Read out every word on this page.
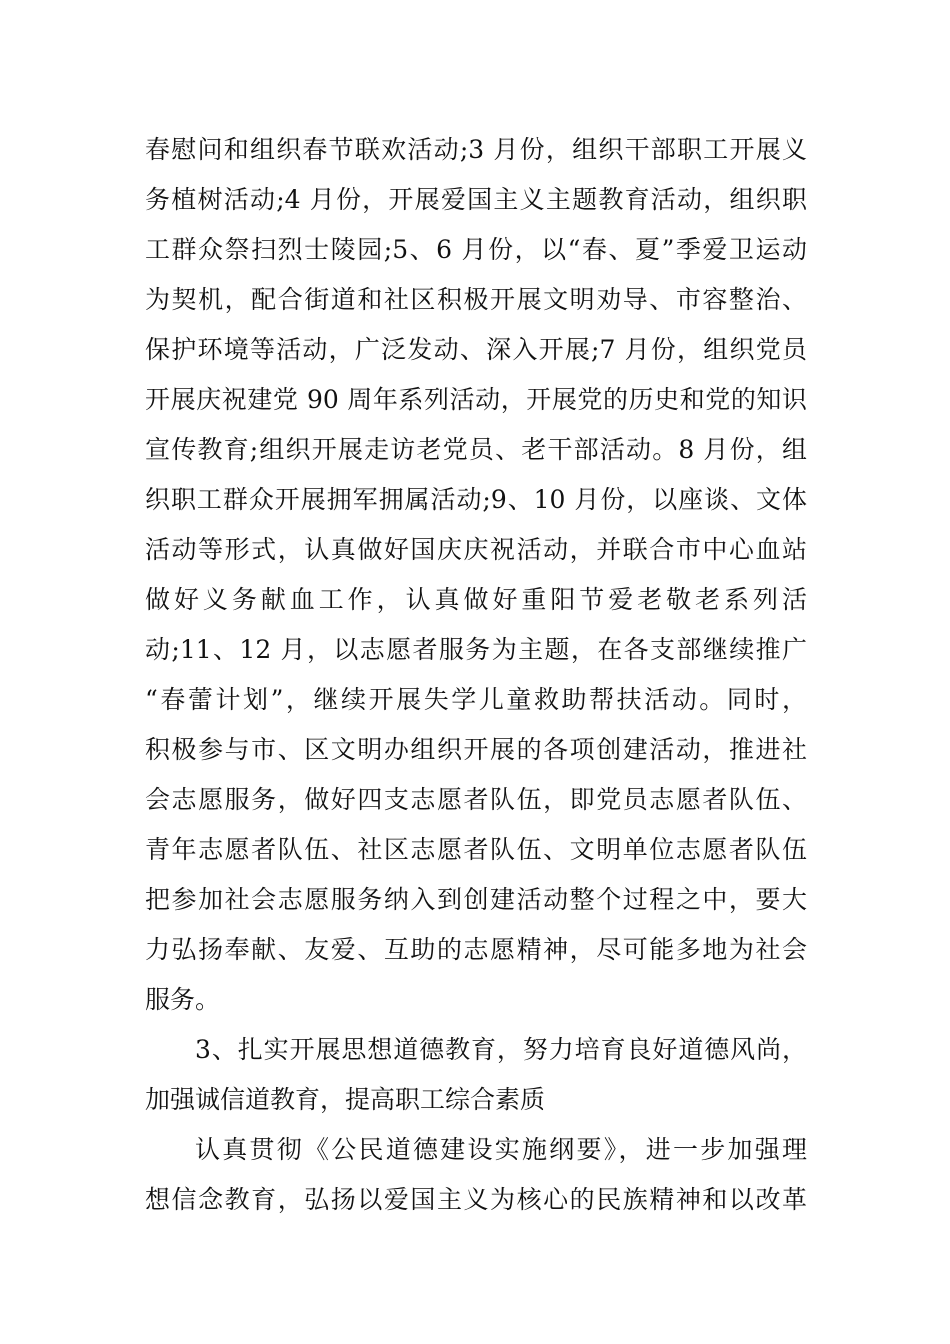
春慰问和组织春节联欢活动;3 月份，组织干部职工开展义
务植树活动;4 月份，开展爱国主义主题教育活动，组织职
工群众祭扫烈士陵园;5、6 月份，以“春、夏”季爱卫运动
为契机，配合街道和社区积极开展文明劝导、市容整治、
保护环境等活动，广泛发动、深入开展;7 月份，组织党员
开展庆祝建党 90 周年系列活动，开展党的历史和党的知识
宣传教育;组织开展走访老党员、老干部活动。8 月份，组
织职工群众开展拥军拥属活动;9、10 月份，以座谈、文体
活动等形式，认真做好国庆庆祝活动，并联合市中心血站
做好义务献血工作，认真做好重阳节爱老敬老系列活
动;11、12 月，以志愿者服务为主题，在各支部继续推广
“春蕾计划”，继续开展失学儿童救助帮扶活动。同时，
积极参与市、区文明办组织开展的各项创建活动，推进社
会志愿服务，做好四支志愿者队伍，即党员志愿者队伍、
青年志愿者队伍、社区志愿者队伍、文明单位志愿者队伍
把参加社会志愿服务纳入到创建活动整个过程之中，要大
力弘扬奉献、友爱、互助的志愿精神，尽可能多地为社会
服务。
3、扎实开展思想道德教育，努力培育良好道德风尚，
加强诚信道教育，提高职工综合素质
认真贯彻《公民道德建设实施纲要》，进一步加强理
想信念教育，弘扬以爱国主义为核心的民族精神和以改革
